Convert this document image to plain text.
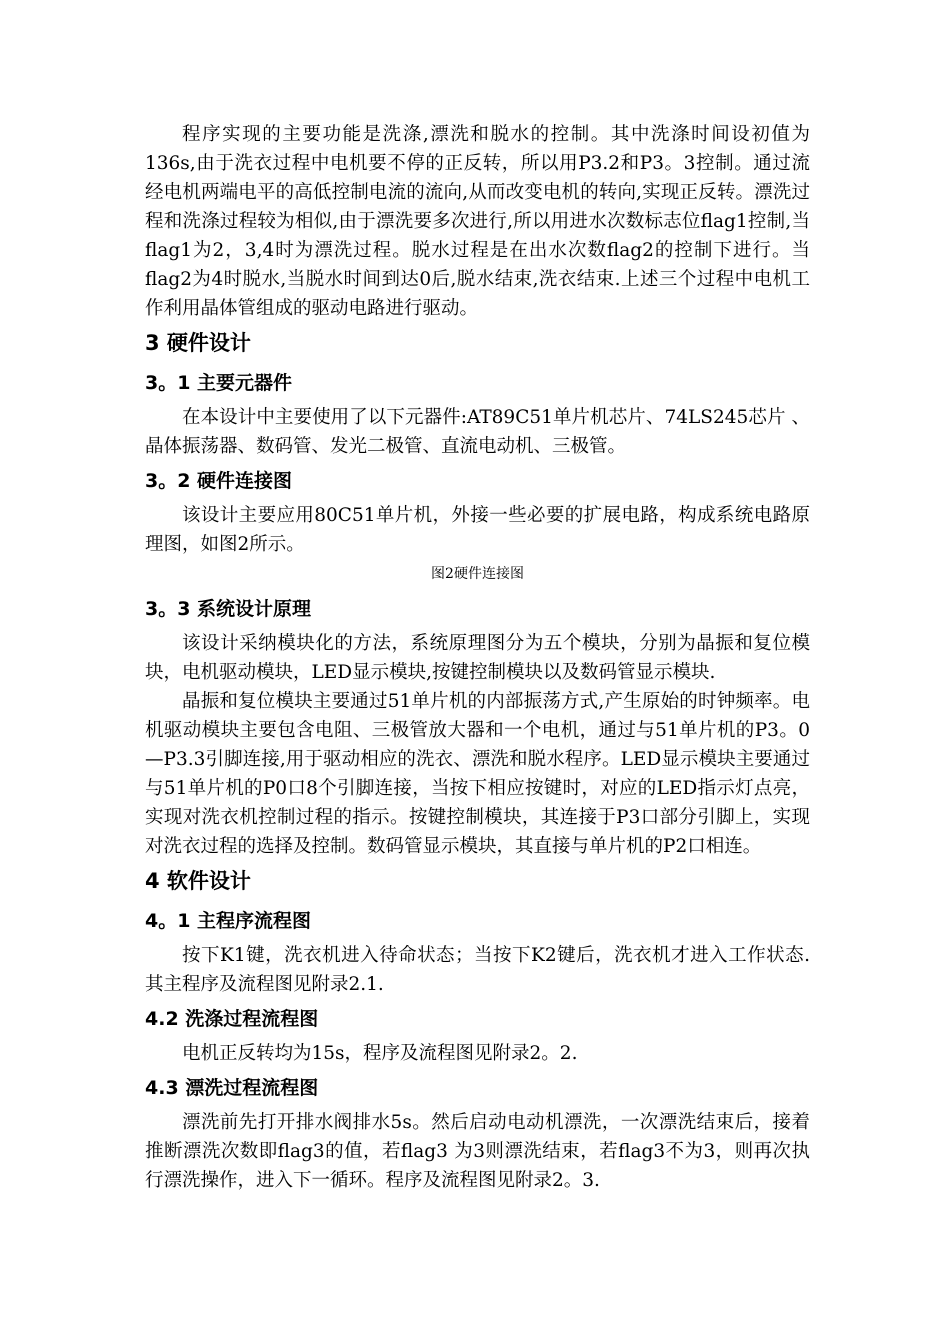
程序实现的主要功能是洗涤,漂洗和脱水的控制。其中洗涤时间设初值为136s,由于洗衣过程中电机要不停的正反转，所以用P3.2和P3。3控制。通过流经电机两端电平的高低控制电流的流向,从而改变电机的转向,实现正反转。漂洗过程和洗涤过程较为相似,由于漂洗要多次进行,所以用进水次数标志位flag1控制,当flag1为2，3,4时为漂洗过程。脱水过程是在出水次数flag2的控制下进行。当flag2为4时脱水,当脱水时间到达0后,脱水结束,洗衣结束.上述三个过程中电机工作利用晶体管组成的驱动电路进行驱动。

3 硬件设计
3。1 主要元器件

在本设计中主要使用了以下元器件:AT89C51单片机芯片、74LS245芯片 、晶体振荡器、数码管、发光二极管、直流电动机、三极管。

3。2 硬件连接图

该设计主要应用80C51单片机，外接一些必要的扩展电路，构成系统电路原理图，如图2所示。

图2硬件连接图

3。3 系统设计原理

该设计采纳模块化的方法，系统原理图分为五个模块，分别为晶振和复位模块，电机驱动模块，LED显示模块,按键控制模块以及数码管显示模块.

晶振和复位模块主要通过51单片机的内部振荡方式,产生原始的时钟频率。电机驱动模块主要包含电阻、三极管放大器和一个电机，通过与51单片机的P3。0—P3.3引脚连接,用于驱动相应的洗衣、漂洗和脱水程序。LED显示模块主要通过与51单片机的P0口8个引脚连接，当按下相应按键时，对应的LED指示灯点亮，实现对洗衣机控制过程的指示。按键控制模块，其连接于P3口部分引脚上，实现对洗衣过程的选择及控制。数码管显示模块，其直接与单片机的P2口相连。

4 软件设计
4。1 主程序流程图

按下K1键，洗衣机进入待命状态；当按下K2键后，洗衣机才进入工作状态. 其主程序及流程图见附录2.1.

4.2 洗涤过程流程图

电机正反转均为15s，程序及流程图见附录2。2.

4.3 漂洗过程流程图

漂洗前先打开排水阀排水5s。然后启动电动机漂洗，一次漂洗结束后，接着推断漂洗次数即flag3的值，若flag3 为3则漂洗结束，若flag3不为3，则再次执行漂洗操作，进入下一循环。程序及流程图见附录2。3.
